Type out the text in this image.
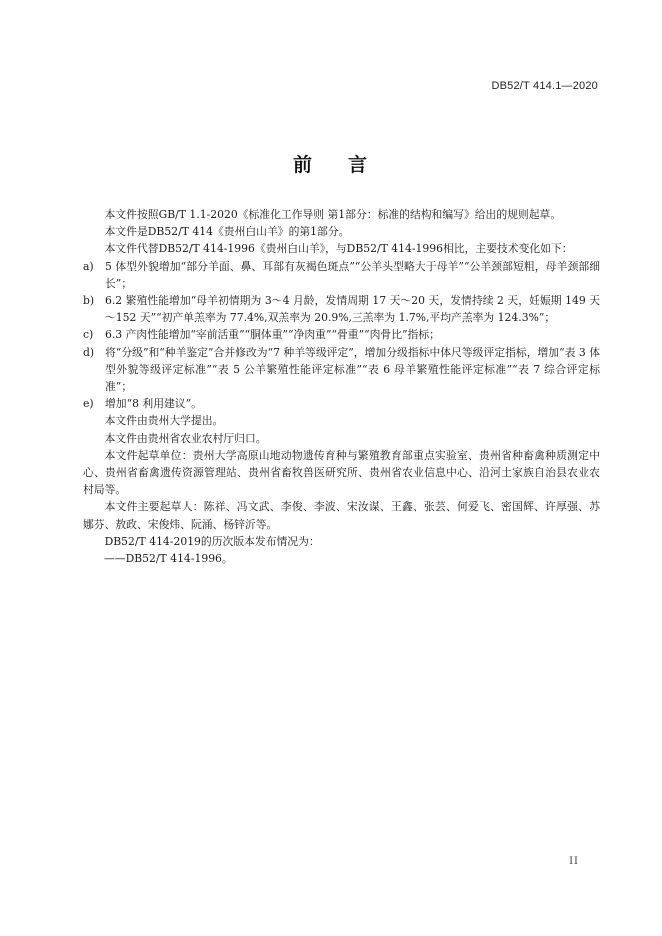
DB52/T 414.1—2020
前 言

本文件按照GB/T 1.1-2020《标准化工作导则 第1部分：标准的结构和编写》给出的规则起草。

本文件是DB52/T 414《贵州白山羊》的第1部分。

本文件代替DB52/T 414-1996《贵州白山羊》，与DB52/T 414-1996相比，主要技术变化如下：

a)	5 体型外貌增加“部分羊面、鼻、耳部有灰褐色斑点”“公羊头型略大于母羊”“公羊颈部短粗，母羊颈部细长”；
b)	6.2 繁殖性能增加“母羊初情期为 3～4 月龄，发情周期 17 天～20 天，发情持续 2 天，妊娠期 149 天～152 天”“初产单羔率为 77.4%,双羔率为 20.9%,三羔率为 1.7%,平均产羔率为 124.3%”；
c)	6.3 产肉性能增加“宰前活重”“胴体重”“净肉重”“骨重”“肉骨比”指标；
d)	将“分级”和“种羊鉴定”合并修改为“7 种羊等级评定”，增加分级指标中体尺等级评定指标，增加“表 3 体型外貌等级评定标准”“表 5 公羊繁殖性能评定标准”“表 6 母羊繁殖性能评定标准”“表 7 综合评定标准”；
e)	增加“8 利用建议”。

本文件由贵州大学提出。

本文件由贵州省农业农村厅归口。

本文件起草单位：贵州大学高原山地动物遗传育种与繁殖教育部重点实验室、贵州省种畜禽种质测定中心、贵州省畜禽遗传资源管理站、贵州省畜牧兽医研究所、贵州省农业信息中心、沿河土家族自治县农业农村局等。

本文件主要起草人：陈祥、冯文武、李俊、李波、宋汝谋、王鑫、张芸、何爱飞、密国辉、许厚强、苏娜芬、敖政、宋俊炜、阮涌、杨锌沂等。

DB52/T 414-2019的历次版本发布情况为：

——DB52/T 414-1996。

II
